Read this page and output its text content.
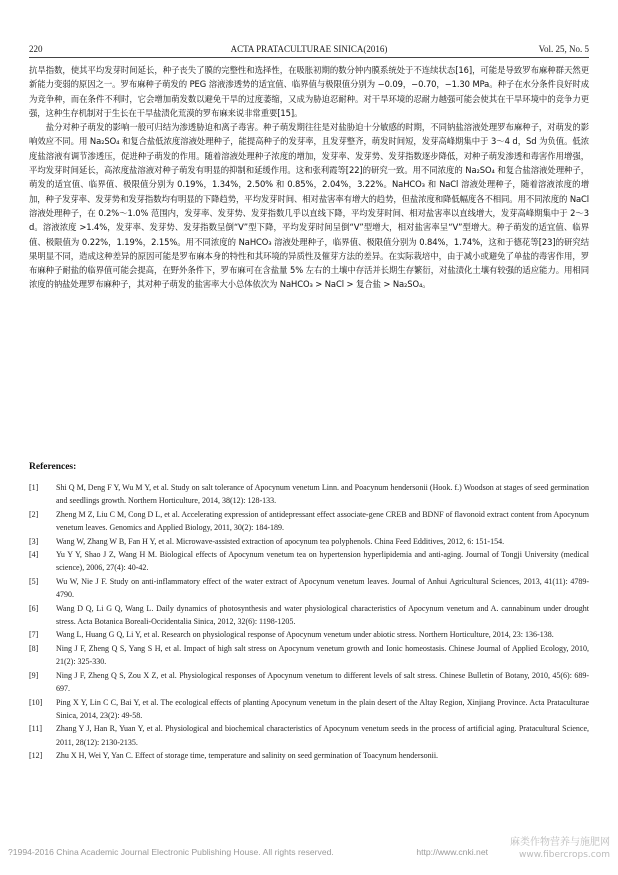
220	ACTA PRATACULTURAE SINICA(2016)	Vol. 25, No. 5

抗旱指数，使其平均发芽时间延长，种子丧失了膜的完整性和选择性，在吸胀初期的数分钟内膜系统处于不连续状态[16]，可能是导致罗布麻种群天然更新能力变弱的原因之一。罗布麻种子萌发的 PEG 溶液渗透势的适宜值、临界值与极限值分别为 −0.09，−0.70，−1.30 MPa。种子在水分条件良好时成为竞争种，而在条件不利时，它会增加萌发数以避免干旱的过度萎缩，又成为胁迫忍耐种。对干旱环境的忍耐力越强可能会使其在干旱环境中的竞争力更强，这种生存机制对于生长在干旱盐渍化荒漠的罗布麻来说非常重要[15]。

盐分对种子萌发的影响一般可归结为渗透胁迫和离子毒害。种子萌发期往往是对盐胁迫十分敏感的时期，不同钠盐溶液处理罗布麻种子，对萌发的影响效应不同。用 Na₂SO₄ 和复合盐低浓度溶液处理种子，能提高种子的发芽率，且发芽整齐，萌发时间短，发芽高峰期集中于 3～4 d，Sd 为负值。低浓度盐溶液有调节渗透压，促进种子萌发的作用。随着溶液处理种子浓度的增加，发芽率、发芽势、发芽指数逐步降低，对种子萌发渗透和毒害作用增强，平均发芽时间延长，高浓度盐溶液对种子萌发有明显的抑制和延缓作用。这和张利霞等[22]的研究一致。用不同浓度的 Na₂SO₄ 和复合盐溶液处理种子，萌发的适宜值、临界值、极限值分别为 0.19%，1.34%，2.50% 和 0.85%，2.04%，3.22%。NaHCO₃ 和 NaCl 溶液处理种子，随着溶液浓度的增加，种子发芽率、发芽势和发芽指数均有明显的下降趋势，平均发芽时间、相对盐害率有增大的趋势，但盐浓度和降低幅度各不相同。用不同浓度的 NaCl 溶液处理种子，在 0.2%～1.0% 范围内，发芽率、发芽势、发芽指数几乎以直线下降，平均发芽时间、相对盐害率以直线增大，发芽高峰期集中于 2～3 d。溶液浓度 >1.4%，发芽率、发芽势、发芽指数呈倒“V”型下降，平均发芽时间呈倒“V”型增大，相对盐害率呈“V”型增大。种子萌发的适宜值、临界值、极限值为 0.22%，1.19%，2.15%。用不同浓度的 NaHCO₃ 溶液处理种子，临界值、极限值分别为 0.84%，1.74%，这和于德花等[23]的研究结果明显不同，造成这种差异的原因可能是罗布麻本身的特性和其环境的异质性及催芽方法的差异。在实际栽培中，由于减小或避免了单盐的毒害作用，罗布麻种子耐盐的临界值可能会提高，在野外条件下，罗布麻可在含盐量 5% 左右的土壤中存活并长期生存繁衍，对盐渍化土壤有较强的适应能力。用相同浓度的钠盐处理罗布麻种子，其对种子萌发的盐害率大小总体依次为 NaHCO₃ > NaCl > 复合盐 > Na₂SO₄。

References:
[1] Shi Q M, Deng F Y, Wu M Y, et al. Study on salt tolerance of Apocynum venetum Linn. and Poacynum hendersonii (Hook. f.) Woodson at stages of seed germination and seedlings growth. Northern Horticulture, 2014, 38(12): 128-133.
[2] Zheng M Z, Liu C M, Cong D L, et al. Accelerating expression of antidepressant effect associate-gene CREB and BDNF of flavonoid extract content from Apocynum venetum leaves. Genomics and Applied Biology, 2011, 30(2): 184-189.
[3] Wang W, Zhang W B, Fan H Y, et al. Microwave-assisted extraction of apocynum tea polyphenols. China Feed Edditives, 2012, 6: 151-154.
[4] Yu Y Y, Shao J Z, Wang H M. Biological effects of Apocynum venetum tea on hypertension hyperlipidemia and anti-aging. Journal of Tongji University (medical science), 2006, 27(4): 40-42.
[5] Wu W, Nie J F. Study on anti-inflammatory effect of the water extract of Apocynum venetum leaves. Journal of Anhui Agricultural Sciences, 2013, 41(11): 4789-4790.
[6] Wang D Q, Li G Q, Wang L. Daily dynamics of photosynthesis and water physiological characteristics of Apocynum venetum and A. cannabinum under drought stress. Acta Botanica Boreali-Occidentalia Sinica, 2012, 32(6): 1198-1205.
[7] Wang L, Huang G Q, Li Y, et al. Research on physiological response of Apocynum venetum under abiotic stress. Northern Horticulture, 2014, 23: 136-138.
[8] Ning J F, Zheng Q S, Yang S H, et al. Impact of high salt stress on Apocynum venetum growth and Ionic homeostasis. Chinese Journal of Applied Ecology, 2010, 21(2): 325-330.
[9] Ning J F, Zheng Q S, Zou X Z, et al. Physiological responses of Apocynum venetum to different levels of salt stress. Chinese Bulletin of Botany, 2010, 45(6): 689-697.
[10] Ping X Y, Lin C C, Bai Y, et al. The ecological effects of planting Apocynum venetum in the plain desert of the Altay Region, Xinjiang Province. Acta Prataculturae Sinica, 2014, 23(2): 49-58.
[11] Zhang Y J, Han R, Yuan Y, et al. Physiological and biochemical characteristics of Apocynum venetum seeds in the process of artificial aging. Pratacultural Science, 2011, 28(12): 2130-2135.
[12] Zhu X H, Wei Y, Yan C. Effect of storage time, temperature and salinity on seed germination of Toacynum hendersonii.
?1994-2016 China Academic Journal Electronic Publishing House. All rights reserved.	http://www.cnki.net
麻类作物营养与施肥网
www.fibercrops.com
